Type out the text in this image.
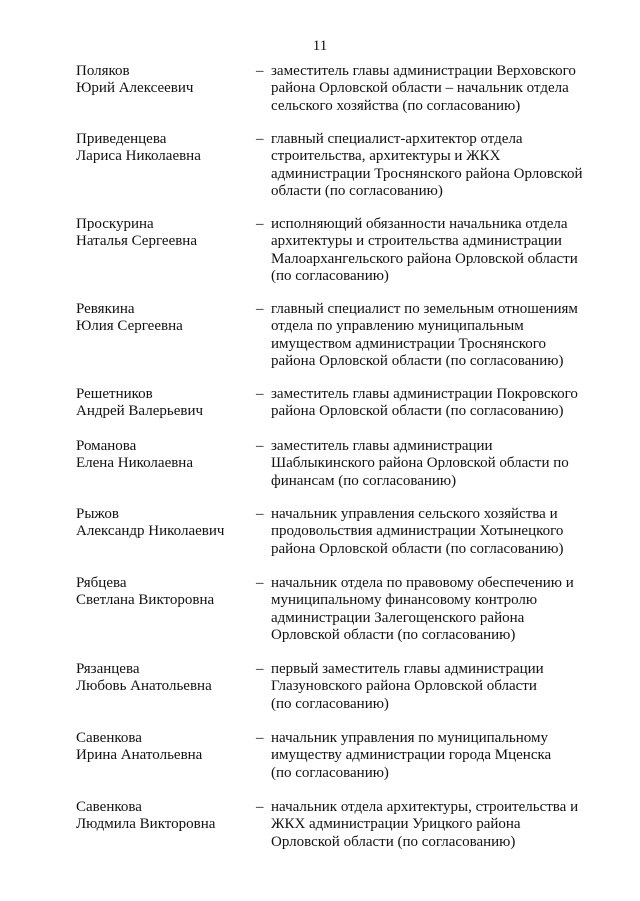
11
Поляков
Юрий Алексеевич
– заместитель главы администрации Верховского
района Орловской области – начальник отдела
сельского хозяйства (по согласованию)
Приведенцева
Лариса Николаевна
– главный специалист-архитектор отдела
строительства, архитектуры и ЖКХ
администрации Троснянского района Орловской
области (по согласованию)
Проскурина
Наталья Сергеевна
– исполняющий обязанности начальника отдела
архитектуры и строительства администрации
Малоархангельского района Орловской области
(по согласованию)
Ревякина
Юлия Сергеевна
– главный специалист по земельным отношениям
отдела по управлению муниципальным
имуществом администрации Троснянского
района Орловской области (по согласованию)
Решетников
Андрей Валерьевич
– заместитель главы администрации Покровского
района Орловской области (по согласованию)
Романова
Елена Николаевна
– заместитель главы администрации
Шаблыкинского района Орловской области по
финансам (по согласованию)
Рыжов
Александр Николаевич
– начальник управления сельского хозяйства и
продовольствия администрации Хотынецкого
района Орловской области (по согласованию)
Рябцева
Светлана Викторовна
– начальник отдела по правовому обеспечению и
муниципальному финансовому контролю
администрации Залегощенского района
Орловской области (по согласованию)
Рязанцева
Любовь Анатольевна
– первый заместитель главы администрации
Глазуновского района Орловской области
(по согласованию)
Савенкова
Ирина Анатольевна
– начальник управления по муниципальному
имуществу администрации города Мценска
(по согласованию)
Савенкова
Людмила Викторовна
– начальник отдела архитектуры, строительства и
ЖКХ администрации Урицкого района
Орловской области (по согласованию)
